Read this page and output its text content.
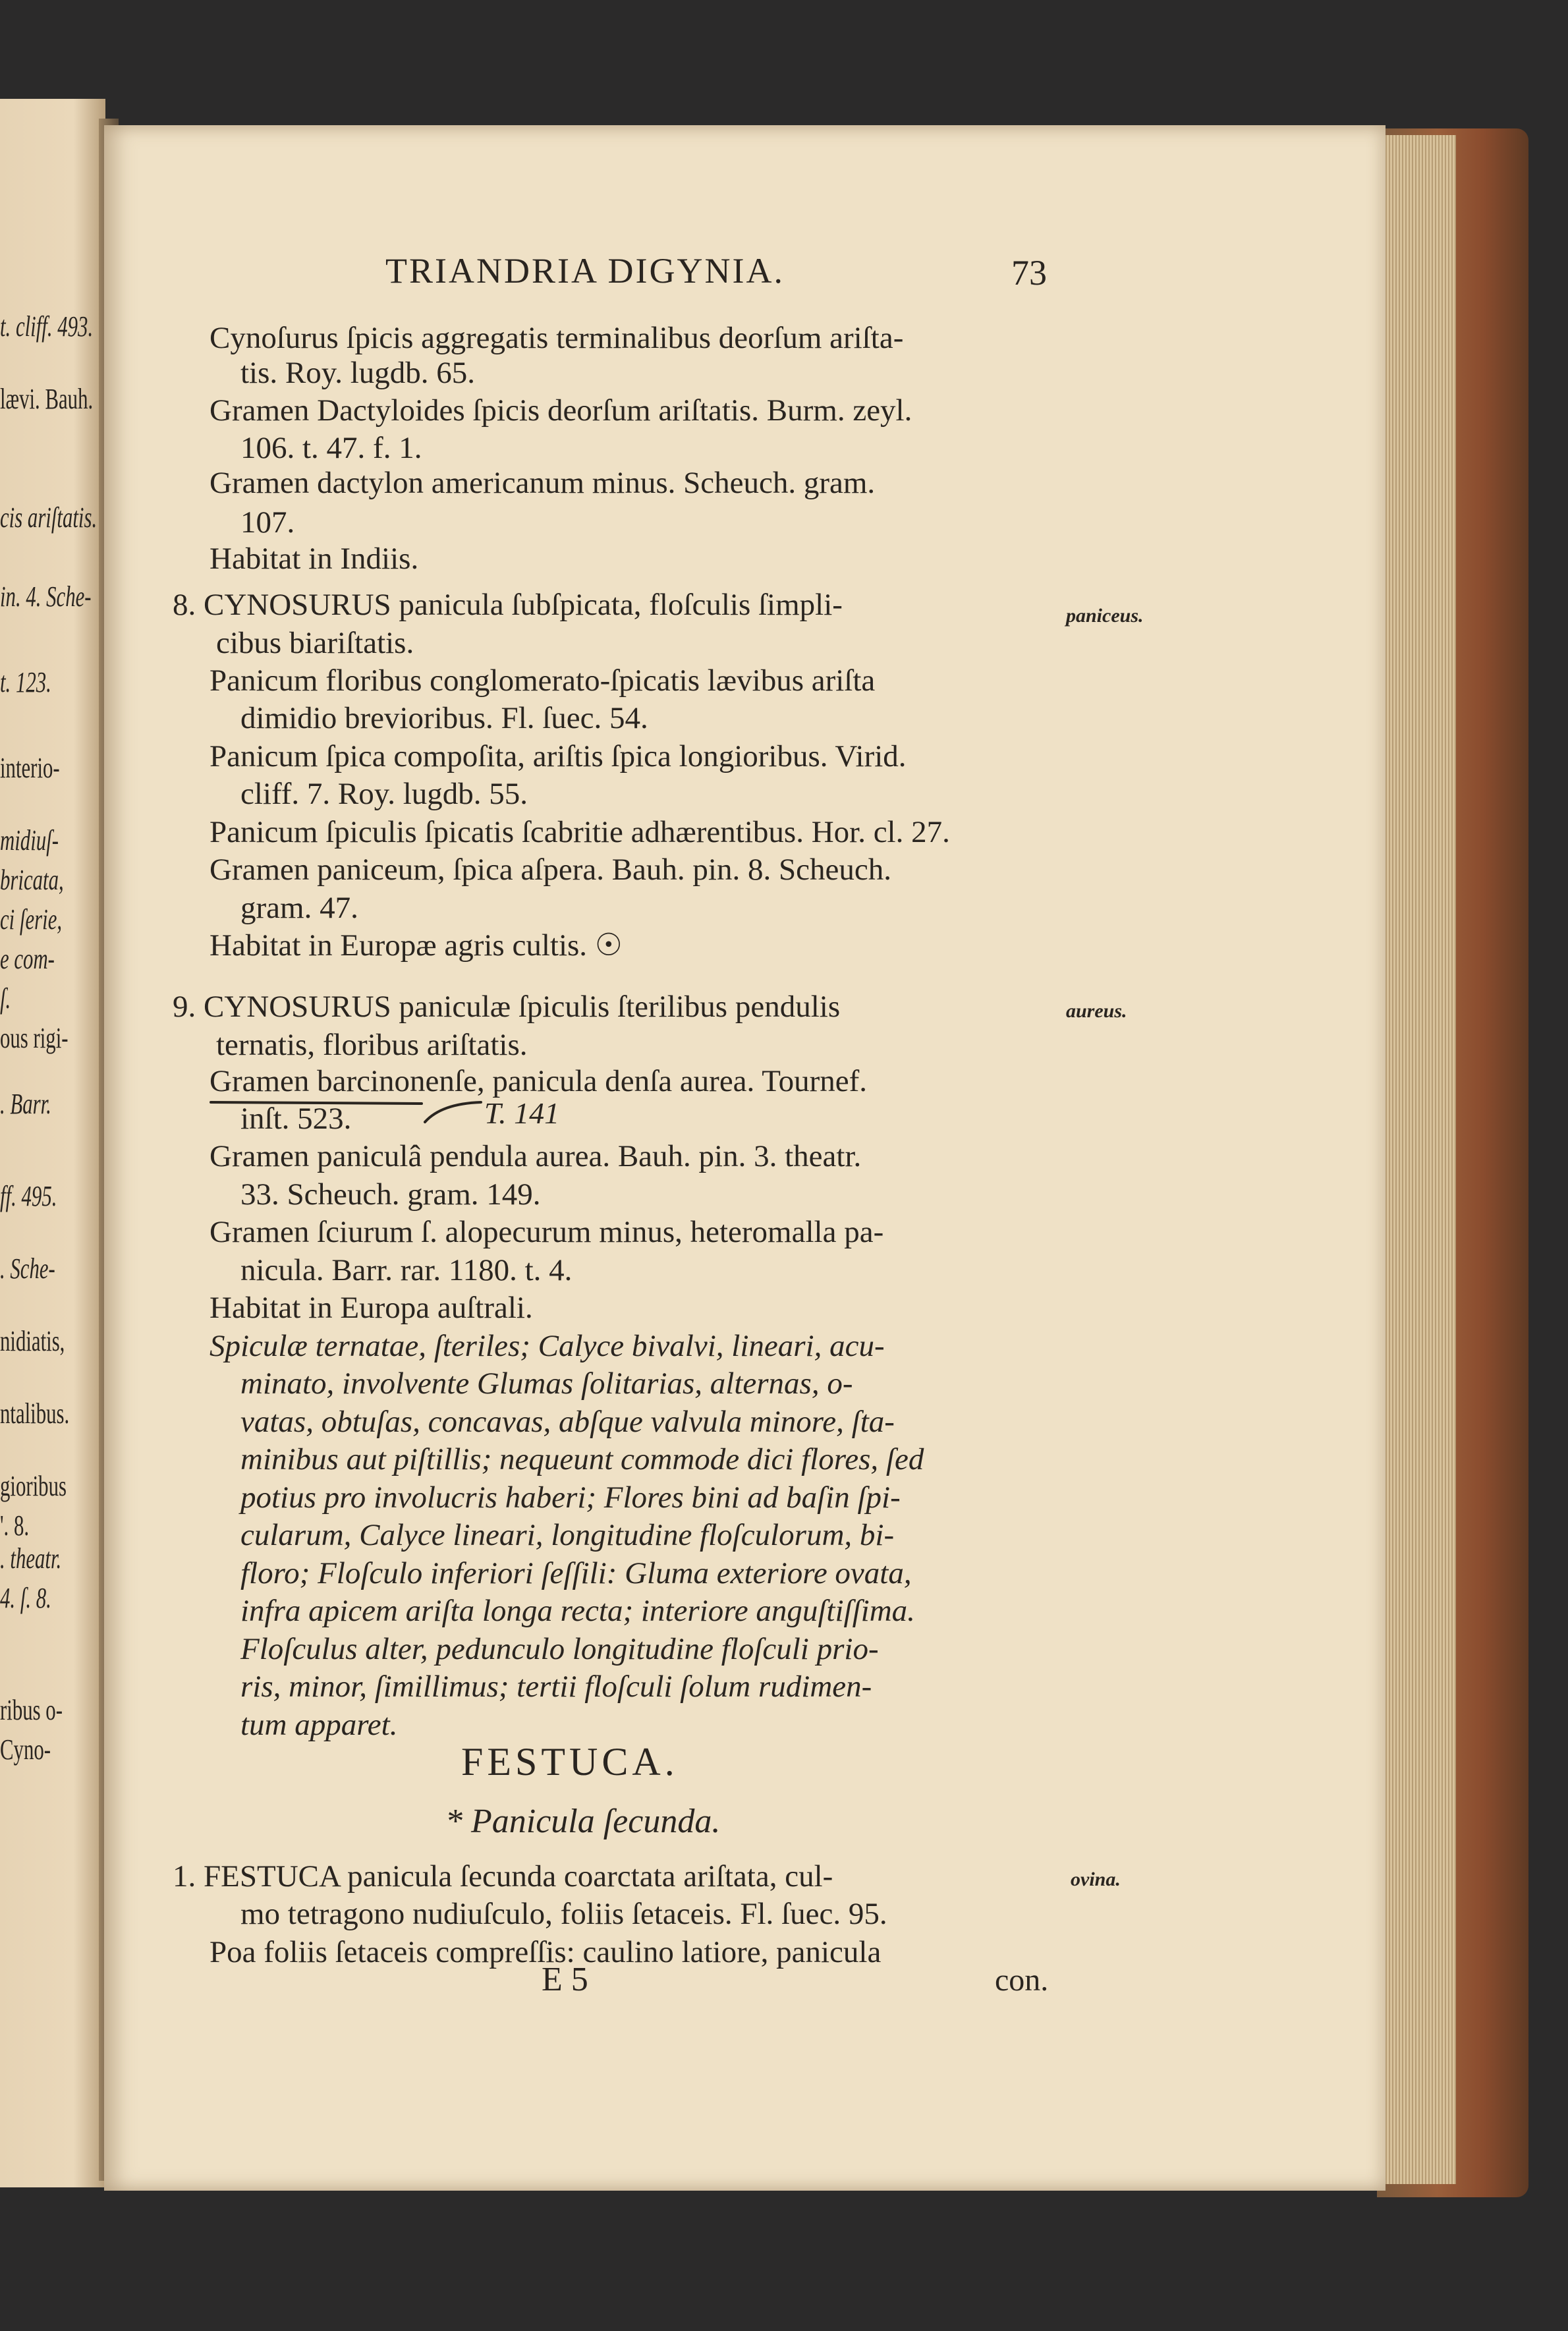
TRIANDRIA DIGYNIA.	73
t. cliff. 493.
lævi. Bauh.
cis ariſtatis.
in. 4. Sche-
t. 123.
interio-
midiuſ-
bricata,
ci ſerie,
e com-
ſ.
ous rigi-
. Barr.
ff. 495.
. Sche-
nidiatis,
ntalibus.
gioribus
'. 8.
. theatr.
4. ſ. 8.
ribus o-
Cyno-
Cynoſurus ſpicis aggregatis terminalibus deorſum ariſta-
tis. Roy. lugdb. 65.
Gramen Dactyloides ſpicis deorſum ariſtatis. Burm. zeyl.
106. t. 47. f. 1.
Gramen dactylon americanum minus. Scheuch. gram.
107.
Habitat in Indiis.
8. CYNOSURUS panicula ſubſpicata, floſculis ſimpli-
cibus biariſtatis.
Panicum floribus conglomerato-ſpicatis lævibus ariſta
dimidio brevioribus. Fl. ſuec. 54.
Panicum ſpica compoſita, ariſtis ſpica longioribus. Virid.
cliff. 7. Roy. lugdb. 55.
Panicum ſpiculis ſpicatis ſcabritie adhærentibus. Hor. cl. 27.
Gramen paniceum, ſpica aſpera. Bauh. pin. 8. Scheuch.
gram. 47.
Habitat in Europæ agris cultis. ☉
9. CYNOSURUS paniculæ ſpiculis ſterilibus pendulis
ternatis, floribus ariſtatis.
Gramen barcinonenſe, panicula denſa aurea. Tournef.
inſt. 523.
Gramen paniculâ pendula aurea. Bauh. pin. 3. theatr.
33. Scheuch. gram. 149.
Gramen ſciurum ſ. alopecurum minus, heteromalla pa-
nicula. Barr. rar. 1180. t. 4.
Habitat in Europa auſtrali.
Spiculæ ternatae, ſteriles; Calyce bivalvi, lineari, acu-
minato, involvente Glumas ſolitarias, alternas, o-
vatas, obtuſas, concavas, abſque valvula minore, ſta-
minibus aut piſtillis; nequeunt commode dici flores, ſed
potius pro involucris haberi; Flores bini ad baſin ſpi-
cularum, Calyce lineari, longitudine floſculorum, bi-
floro; Floſculo inferiori ſeſſili: Gluma exteriore ovata,
infra apicem ariſta longa recta; interiore anguſtiſſima.
Floſculus alter, pedunculo longitudine floſculi prio-
ris, minor, ſimillimus; tertii floſculi ſolum rudimen-
tum apparet.
paniceus.
aureus.
ovina.
T. 141
FESTUCA.
* Panicula ſecunda.
1. FESTUCA panicula ſecunda coarctata ariſtata, cul-
mo tetragono nudiuſculo, foliis ſetaceis. Fl. ſuec. 95.
Poa foliis ſetaceis compreſſis: caulino latiore, panicula
E 5	con.
